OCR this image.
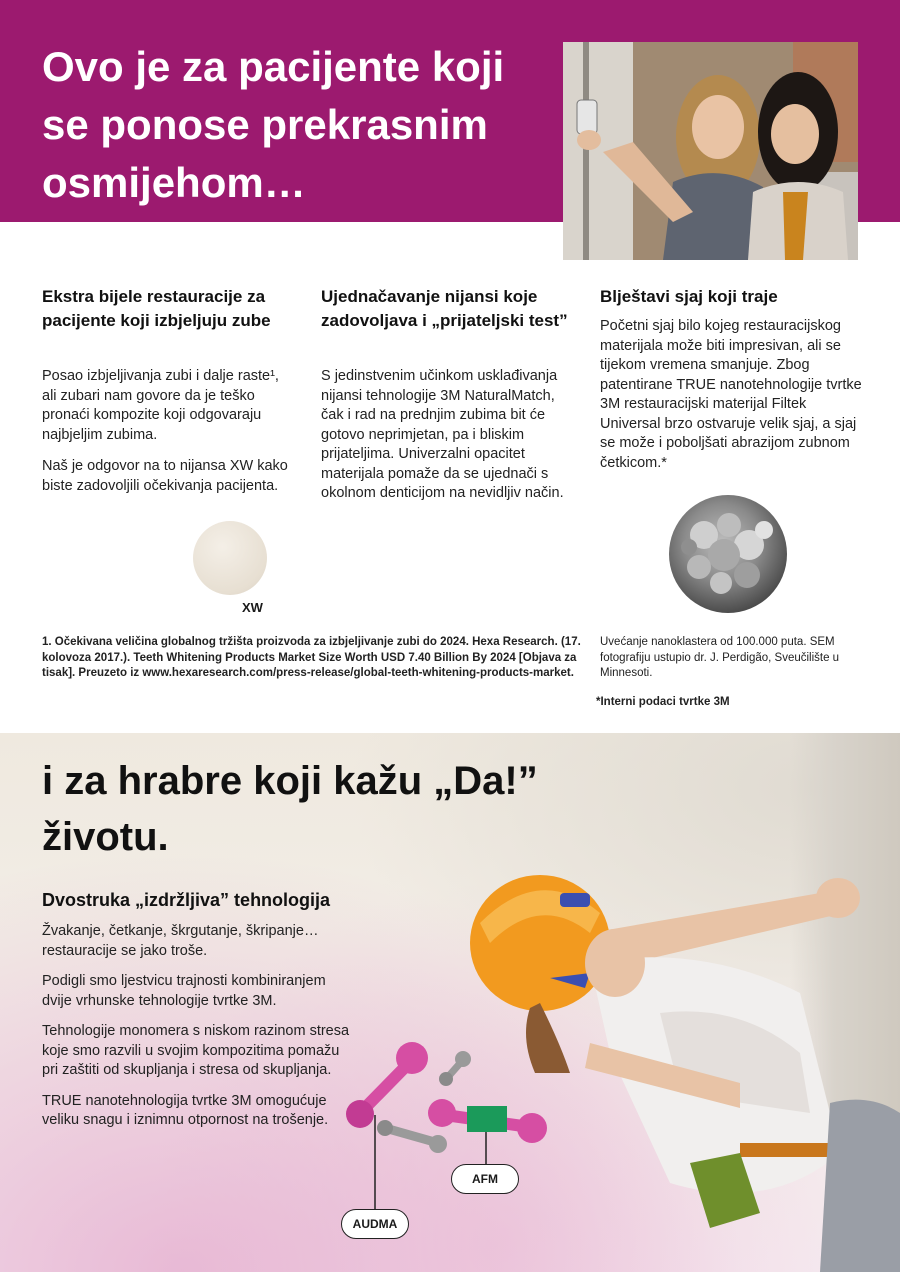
Ovo je za pacijente koji se ponose prekrasnim osmijehom…
Ekstra bijele restauracije za pacijente koji izbjeljuju zube

Posao izbjeljivanja zubi i dalje raste¹, ali zubari nam govore da je teško pronaći kompozite koji odgovaraju najbjeljim zubima.

Naš je odgovor na to nijansa XW kako biste zadovoljili očekivanja pacijenta.

Ujednačavanje nijansi koje zadovoljava i „prijateljski test”

S jedinstvenim učinkom usklađivanja nijansi tehnologije 3M NaturalMatch, čak i rad na prednjim zubima bit će gotovo neprimjetan, pa i bliskim prijateljima. Univerzalni opacitet materijala pomaže da se ujednači s okolnom denticijom na nevidljiv način.

Blještavi sjaj koji traje

Početni sjaj bilo kojeg restauracijskog materijala može biti impresivan, ali se tijekom vremena smanjuje. Zbog patentirane TRUE nanotehnologije tvrtke 3M restauracijski materijal Filtek Universal brzo ostvaruje velik sjaj, a sjaj se može i poboljšati abrazijom zubnom četkicom.*

XW
1. Očekivana veličina globalnog tržišta proizvoda za izbjeljivanje zubi do 2024. Hexa Research. (17. kolovoza 2017.). Teeth Whitening Products Market Size Worth USD 7.40 Billion By 2024 [Objava za tisak]. Preuzeto iz www.hexaresearch.com/press-release/global-teeth-whitening-products-market.
Uvećanje nanoklastera od 100.000 puta. SEM fotografiju ustupio dr. J. Perdigão, Sveučilište u Minnesoti.
*Interni podaci tvrtke 3M
i za hrabre koji kažu „Da!” životu.
Dvostruka „izdržljiva” tehnologija

Žvakanje, četkanje, škrgutanje, škripanje… restauracije se jako troše.

Podigli smo ljestvicu trajnosti kombiniranjem dvije vrhunske tehnologije tvrtke 3M.

Tehnologije monomera s niskom razinom stresa koje smo razvili u svojim kompozitima pomažu pri zaštiti od skupljanja i stresa od skupljanja.

TRUE nanotehnologija tvrtke 3M omogućuje veliku snagu i iznimnu otpornost na trošenje.

AFM
AUDMA
